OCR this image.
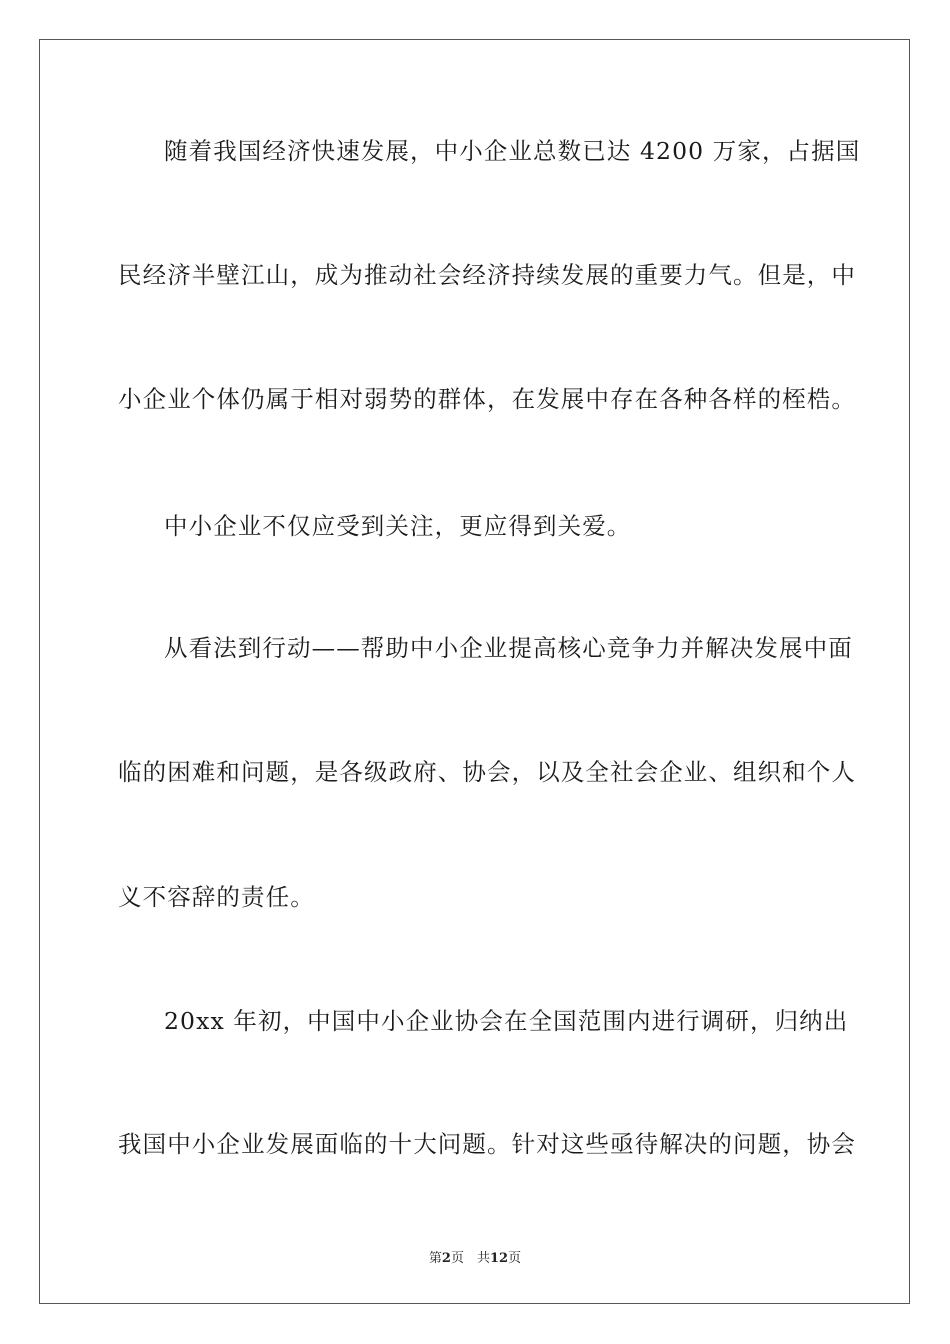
随着我国经济快速发展，中小企业总数已达 4200 万家，占据国
民经济半壁江山，成为推动社会经济持续发展的重要力气。但是，中
小企业个体仍属于相对弱势的群体，在发展中存在各种各样的桎梏。
中小企业不仅应受到关注，更应得到关爱。
从看法到行动——帮助中小企业提高核心竞争力并解决发展中面
临的困难和问题，是各级政府、协会，以及全社会企业、组织和个人
义不容辞的责任。
20xx 年初，中国中小企业协会在全国范围内进行调研，归纳出
我国中小企业发展面临的十大问题。针对这些亟待解决的问题，协会
第2页　共12页
